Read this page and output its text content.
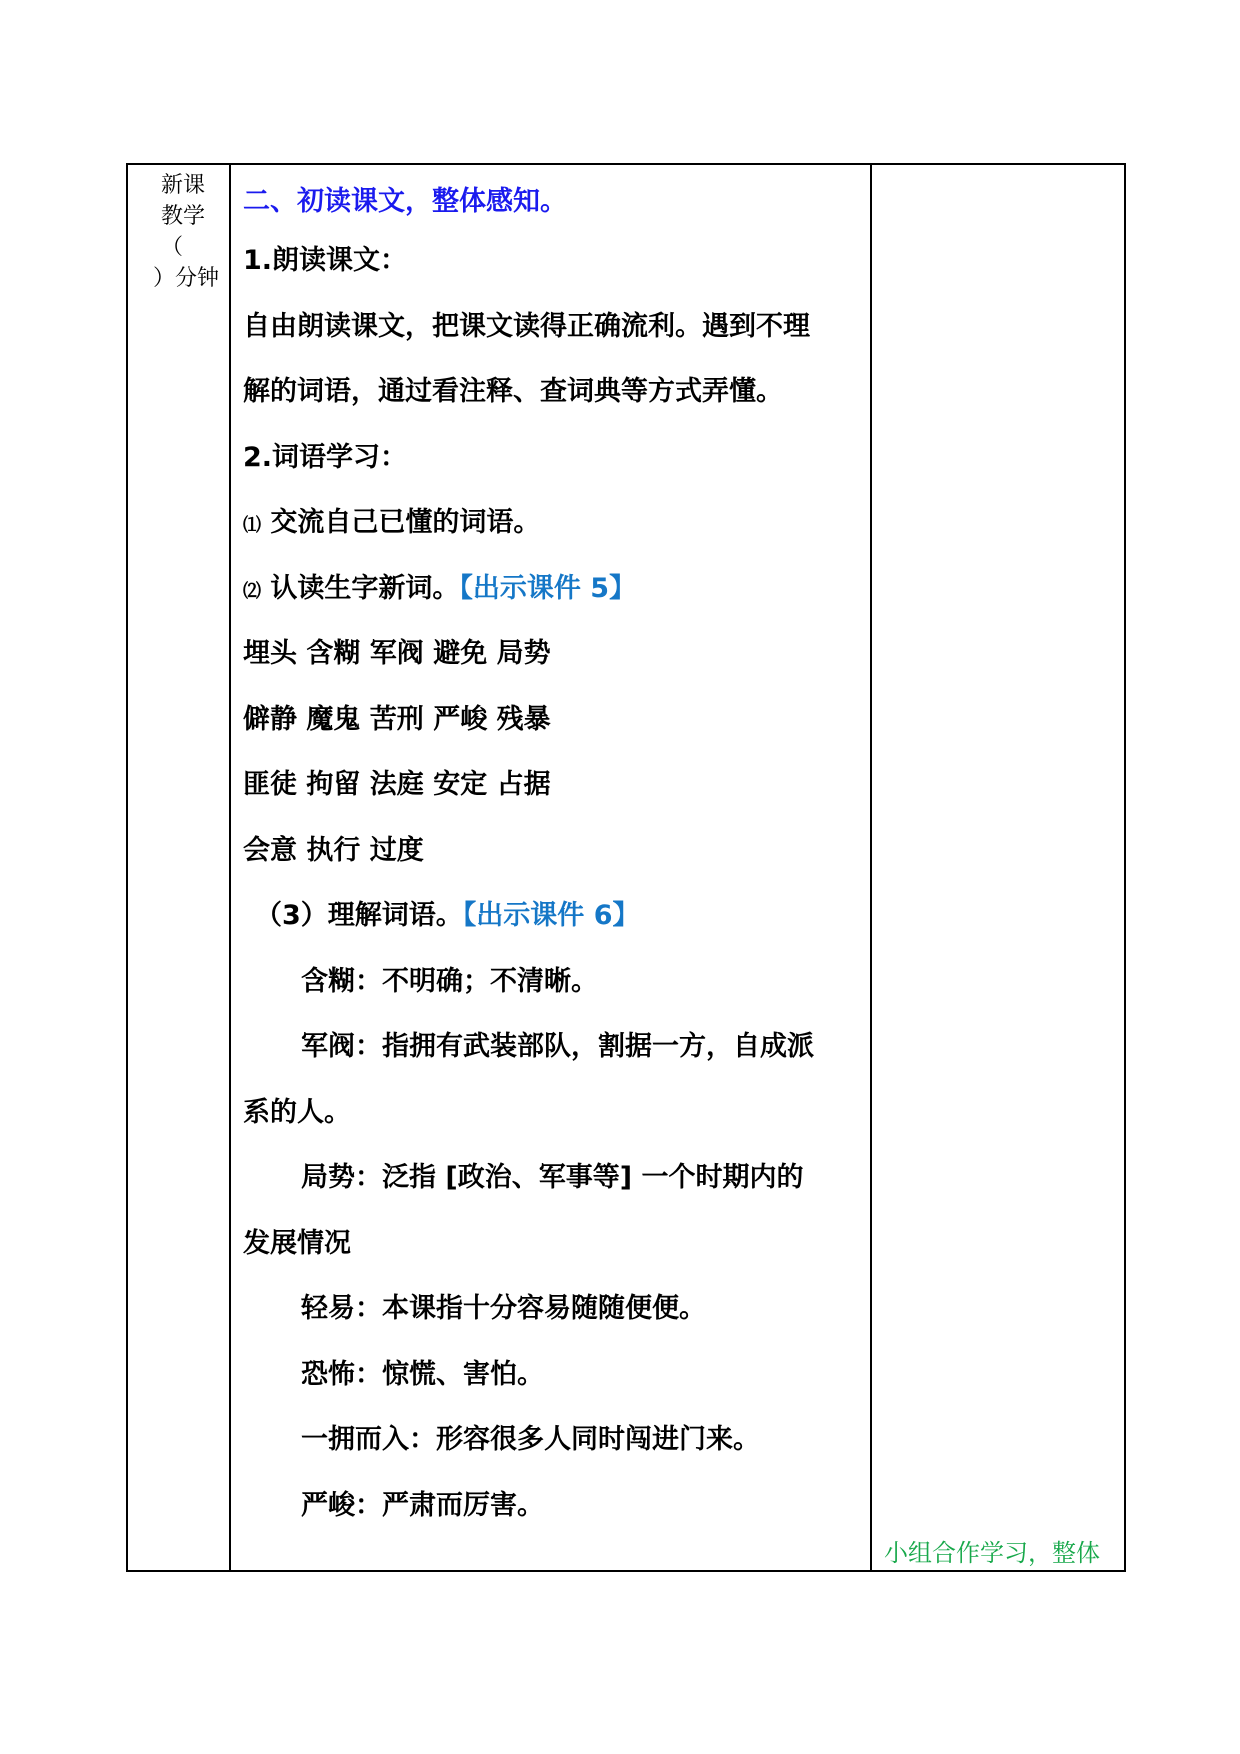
新课
教学
（
）分钟

二、初读课文，整体感知。
1.朗读课文：
自由朗读课文，把课文读得正确流利。遇到不理
解的词语，通过看注释、查词典等方式弄懂。
2.词语学习：
⑴ 交流自己已懂的词语。
⑵ 认读生字新词。【出示课件 5】
埋头 含糊 军阀 避免 局势
僻静 魔鬼 苦刑 严峻 残暴
匪徒 拘留 法庭 安定 占据
会意 执行 过度
（3）理解词语。【出示课件 6】
含糊：不明确；不清晰。
军阀：指拥有武装部队，割据一方，自成派
系的人。
局势：泛指 [政治、军事等] 一个时期内的
发展情况
轻易：本课指十分容易随随便便。
恐怖：惊慌、害怕。
一拥而入：形容很多人同时闯进门来。
严峻：严肃而厉害。

小组合作学习，整体
